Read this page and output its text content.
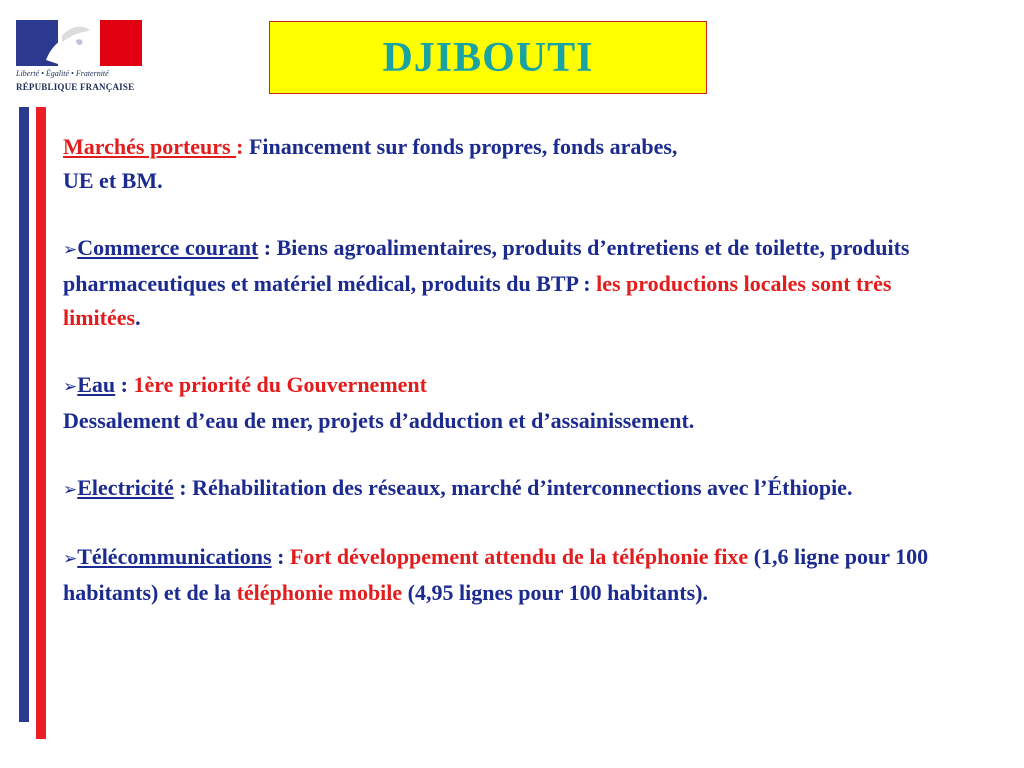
Liberté • Égalité • Fraternité
RÉPUBLIQUE FRANÇAISE
DJIBOUTI

Marchés porteurs : Financement sur fonds propres, fonds arabes,
UE et BM.

➢Commerce courant : Biens agroalimentaires, produits d’entretiens et de toilette, produits pharmaceutiques et matériel médical, produits du BTP : les productions locales sont très limitées.

➢Eau : 1ère priorité du Gouvernement
Dessalement d’eau de mer, projets d’adduction et d’assainissement.

➢Electricité : Réhabilitation des réseaux, marché d’interconnections avec l’Éthiopie.

➢Télécommunications : Fort développement attendu de la téléphonie fixe (1,6 ligne pour 100 habitants) et de la téléphonie mobile (4,95 lignes pour 100 habitants).
